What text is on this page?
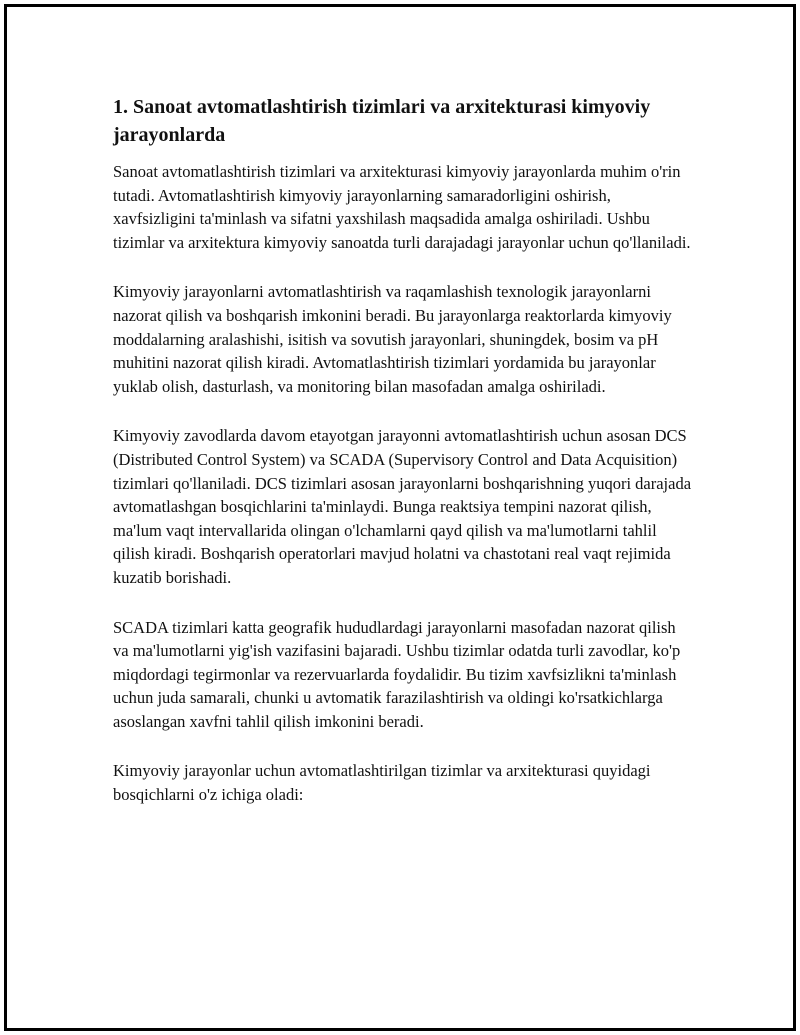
1. Sanoat avtomatlashtirish tizimlari va arxitekturasi kimyoviy jarayonlarda

Sanoat avtomatlashtirish tizimlari va arxitekturasi kimyoviy jarayonlarda muhim o'rin tutadi. Avtomatlashtirish kimyoviy jarayonlarning samaradorligini oshirish, xavfsizligini ta'minlash va sifatni yaxshilash maqsadida amalga oshiriladi. Ushbu tizimlar va arxitektura kimyoviy sanoatda turli darajadagi jarayonlar uchun qo'llaniladi.

Kimyoviy jarayonlarni avtomatlashtirish va raqamlashish texnologik jarayonlarni nazorat qilish va boshqarish imkonini beradi. Bu jarayonlarga reaktorlarda kimyoviy moddalarning aralashishi, isitish va sovutish jarayonlari, shuningdek, bosim va pH muhitini nazorat qilish kiradi. Avtomatlashtirish tizimlari yordamida bu jarayonlar yuklab olish, dasturlash, va monitoring bilan masofadan amalga oshiriladi.

Kimyoviy zavodlarda davom etayotgan jarayonni avtomatlashtirish uchun asosan DCS (Distributed Control System) va SCADA (Supervisory Control and Data Acquisition) tizimlari qo'llaniladi. DCS tizimlari asosan jarayonlarni boshqarishning yuqori darajada avtomatlashgan bosqichlarini ta'minlaydi. Bunga reaktsiya tempini nazorat qilish, ma'lum vaqt intervallarida olingan o'lchamlarni qayd qilish va ma'lumotlarni tahlil qilish kiradi. Boshqarish operatorlari mavjud holatni va chastotani real vaqt rejimida kuzatib borishadi.

SCADA tizimlari katta geografik hududlardagi jarayonlarni masofadan nazorat qilish va ma'lumotlarni yig'ish vazifasini bajaradi. Ushbu tizimlar odatda turli zavodlar, ko'p miqdordagi tegirmonlar va rezervuarlarda foydalidir. Bu tizim xavfsizlikni ta'minlash uchun juda samarali, chunki u avtomatik farazilashtirish va oldingi ko'rsatkichlarga asoslangan xavfni tahlil qilish imkonini beradi.

Kimyoviy jarayonlar uchun avtomatlashtirilgan tizimlar va arxitekturasi quyidagi bosqichlarni o'z ichiga oladi:
